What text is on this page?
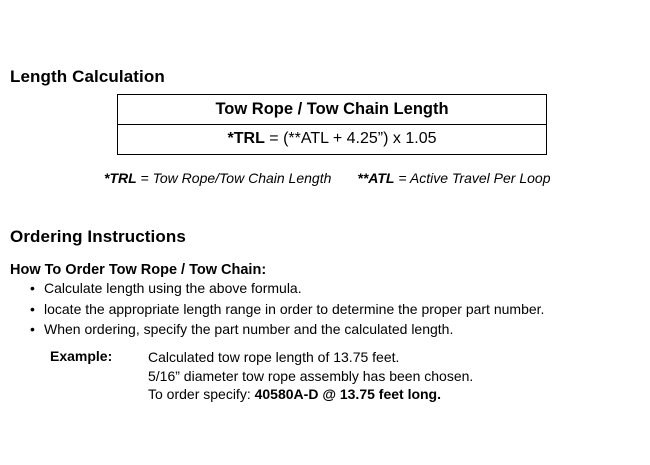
Length Calculation
Tow Rope / Tow Chain Length
*TRL = (**ATL + 4.25”) x 1.05
*TRL = Tow Rope/Tow Chain Length **ATL = Active Travel Per Loop
Ordering Instructions
How To Order Tow Rope / Tow Chain:
• Calculate length using the above formula.
• locate the appropriate length range in order to determine the proper part number.
• When ordering, specify the part number and the calculated length.
Example:	Calculated tow rope length of 13.75 feet.
5/16” diameter tow rope assembly has been chosen.
To order specify: 40580A-D @ 13.75 feet long.
